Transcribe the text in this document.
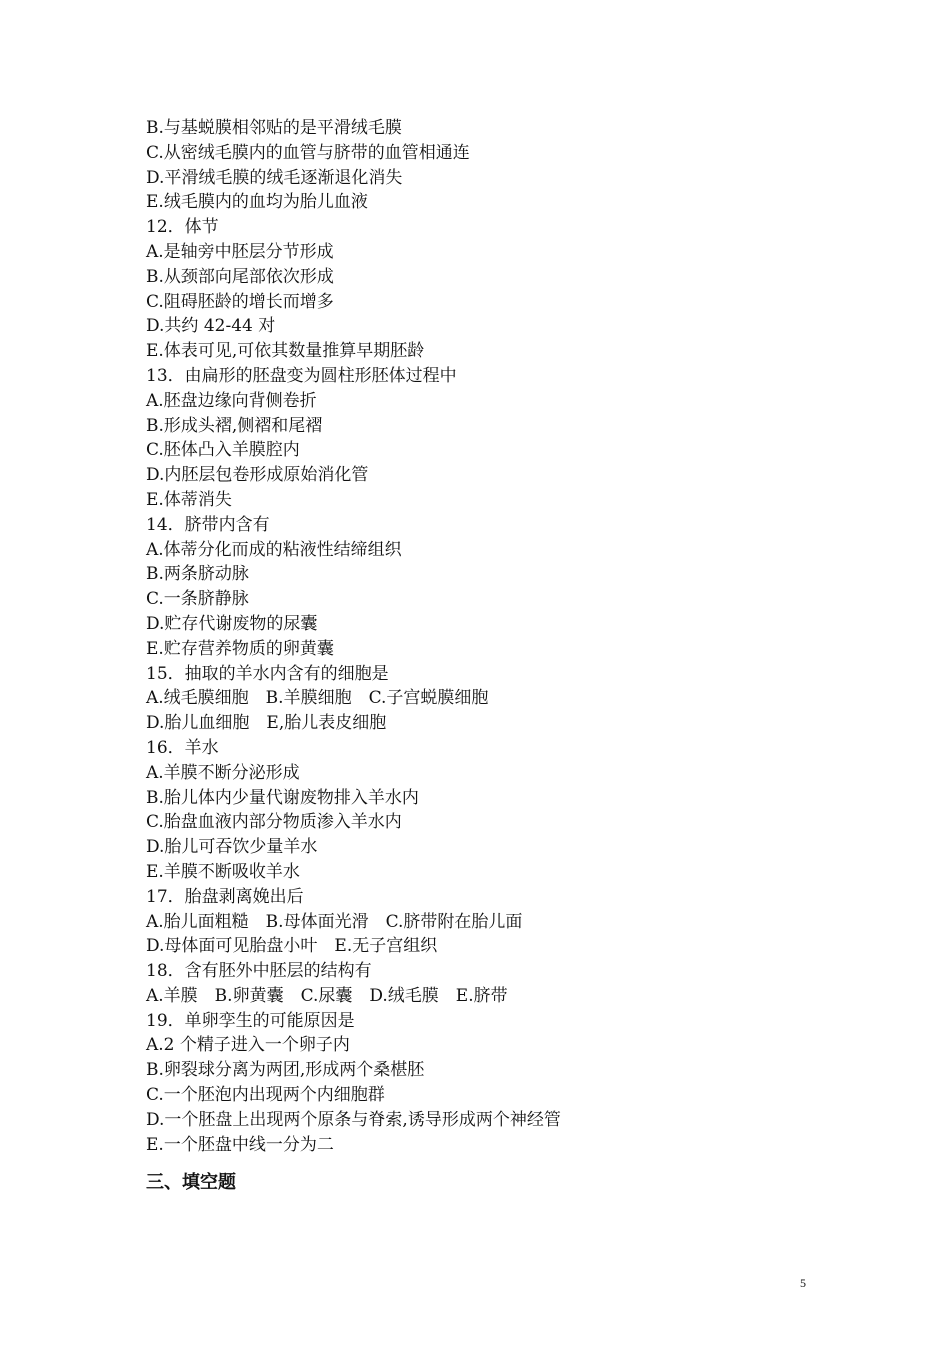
B.与基蜕膜相邻贴的是平滑绒毛膜
C.从密绒毛膜内的血管与脐带的血管相通连
D.平滑绒毛膜的绒毛逐渐退化消失
E.绒毛膜内的血均为胎儿血液
12．体节
A.是轴旁中胚层分节形成
B.从颈部向尾部依次形成
C.阻碍胚龄的增长而增多
D.共约 42-44 对
E.体表可见,可依其数量推算早期胚龄
13．由扁形的胚盘变为圆柱形胚体过程中
A.胚盘边缘向背侧卷折
B.形成头褶,侧褶和尾褶
C.胚体凸入羊膜腔内
D.内胚层包卷形成原始消化管
E.体蒂消失
14．脐带内含有
A.体蒂分化而成的粘液性结缔组织
B.两条脐动脉
C.一条脐静脉
D.贮存代谢废物的尿囊
E.贮存营养物质的卵黄囊
15．抽取的羊水内含有的细胞是
A.绒毛膜细胞　B.羊膜细胞　C.子宫蜕膜细胞
D.胎儿血细胞　E,胎儿表皮细胞
16．羊水
A.羊膜不断分泌形成
B.胎儿体内少量代谢废物排入羊水内
C.胎盘血液内部分物质渗入羊水内
D.胎儿可吞饮少量羊水
E.羊膜不断吸收羊水
17．胎盘剥离娩出后
A.胎儿面粗糙　B.母体面光滑　C.脐带附在胎儿面
D.母体面可见胎盘小叶　E.无子宫组织
18．含有胚外中胚层的结构有
A.羊膜　B.卵黄囊　C.尿囊　D.绒毛膜　E.脐带
19．单卵孪生的可能原因是
A.2 个精子进入一个卵子内
B.卵裂球分离为两团,形成两个桑椹胚
C.一个胚泡内出现两个内细胞群
D.一个胚盘上出现两个原条与脊索,诱导形成两个神经管
E.一个胚盘中线一分为二
三、填空题
5
